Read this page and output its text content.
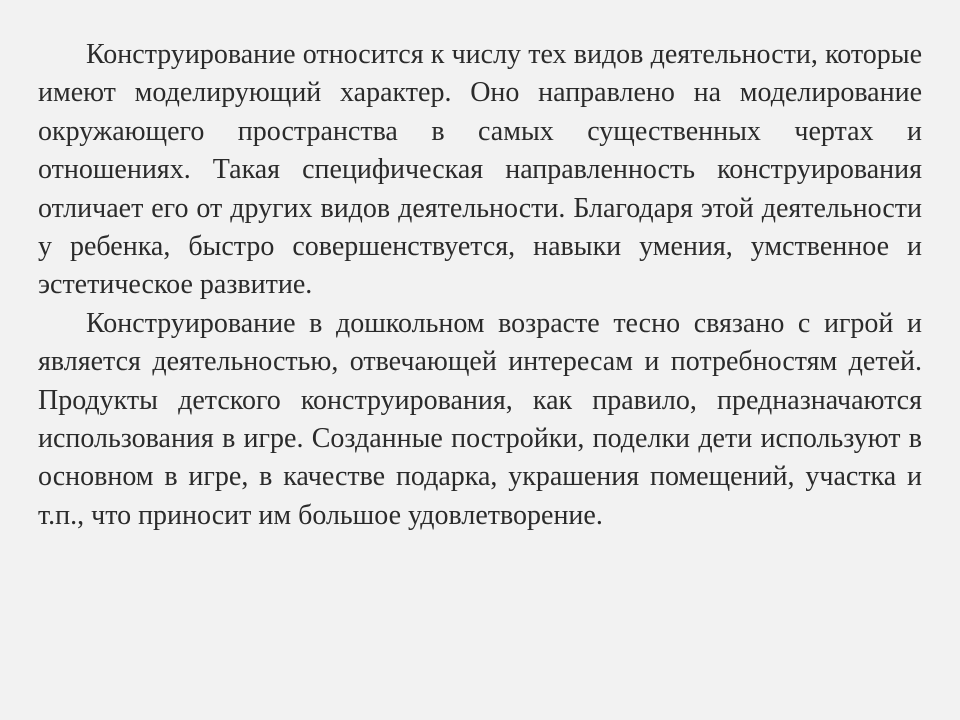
Конструирование относится к числу тех видов деятельности, которые имеют моделирующий характер. Оно направлено на моделирование окружающего пространства в самых существенных чертах и отношениях. Такая специфическая направленность конструирования отличает его от других видов деятельности. Благодаря этой деятельности у ребенка, быстро совершенствуется, навыки умения, умственное и эстетическое развитие.

Конструирование в дошкольном возрасте тесно связано с игрой и является деятельностью, отвечающей интересам и потребностям детей. Продукты детского конструирования, как правило, предназначаются использования в игре. Созданные постройки, поделки дети используют в основном в игре, в качестве подарка, украшения помещений, участка и т.п., что приносит им большое удовлетворение.
